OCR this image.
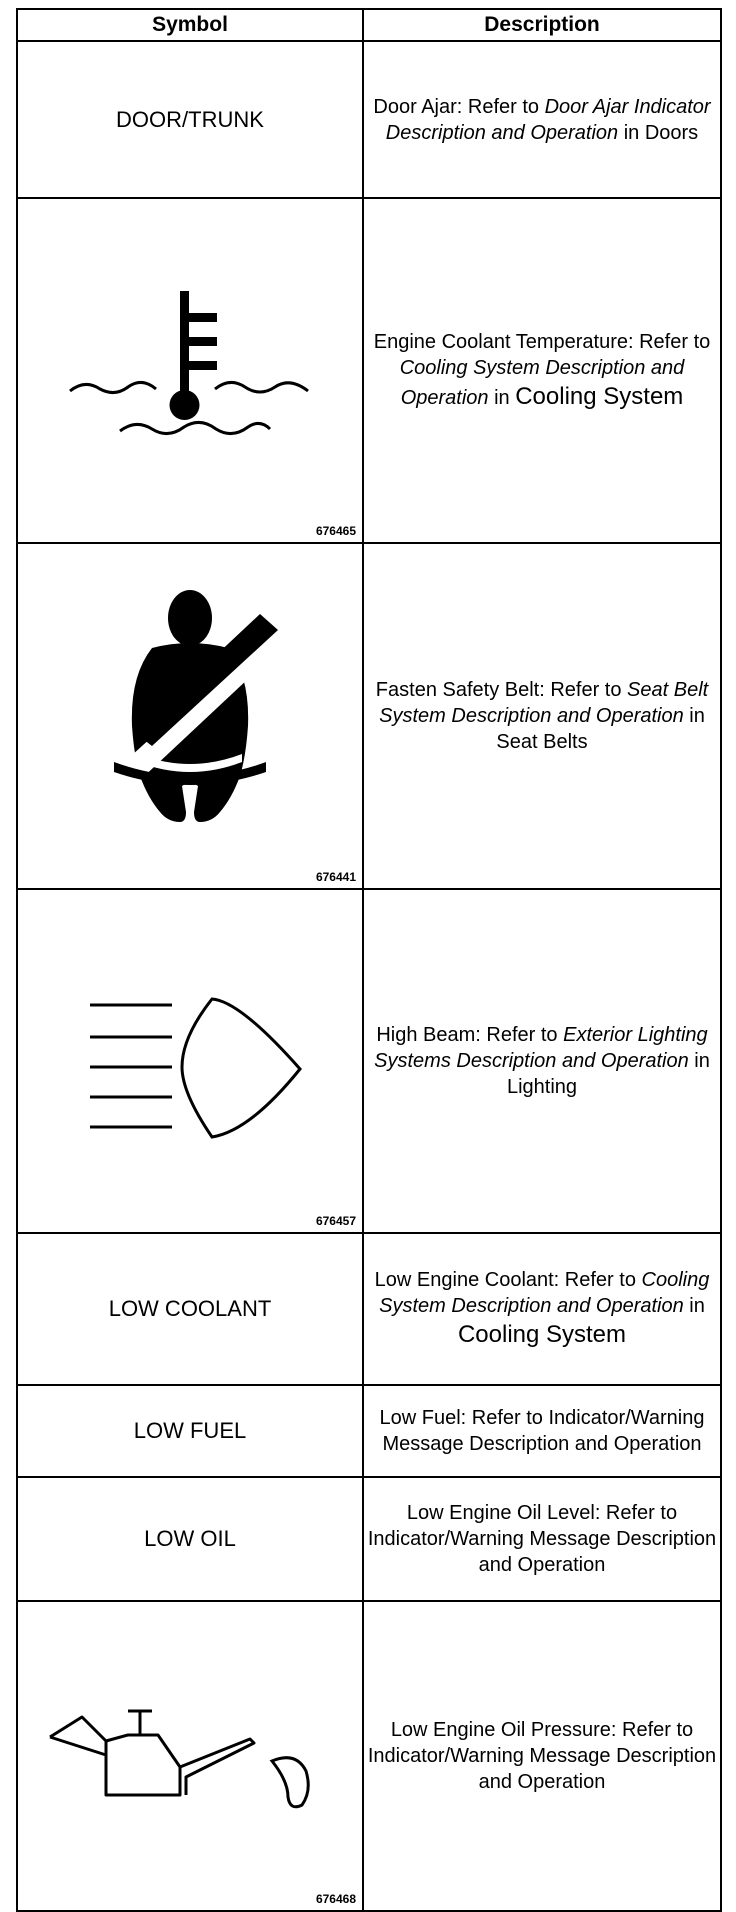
Symbol	Description
DOOR/TRUNK	Door Ajar: Refer to Door Ajar Indicator Description and Operation in Doors

676465	Engine Coolant Temperature: Refer to Cooling System Description and Operation in Cooling System

676441	Fasten Safety Belt: Refer to Seat Belt System Description and Operation in Seat Belts

676457	High Beam: Refer to Exterior Lighting Systems Description and Operation in Lighting
LOW COOLANT	Low Engine Coolant: Refer to Cooling System Description and Operation in Cooling System
LOW FUEL	Low Fuel: Refer to Indicator/Warning Message Description and Operation
LOW OIL	Low Engine Oil Level: Refer to Indicator/Warning Message Description and Operation

676468	Low Engine Oil Pressure: Refer to Indicator/Warning Message Description and Operation
